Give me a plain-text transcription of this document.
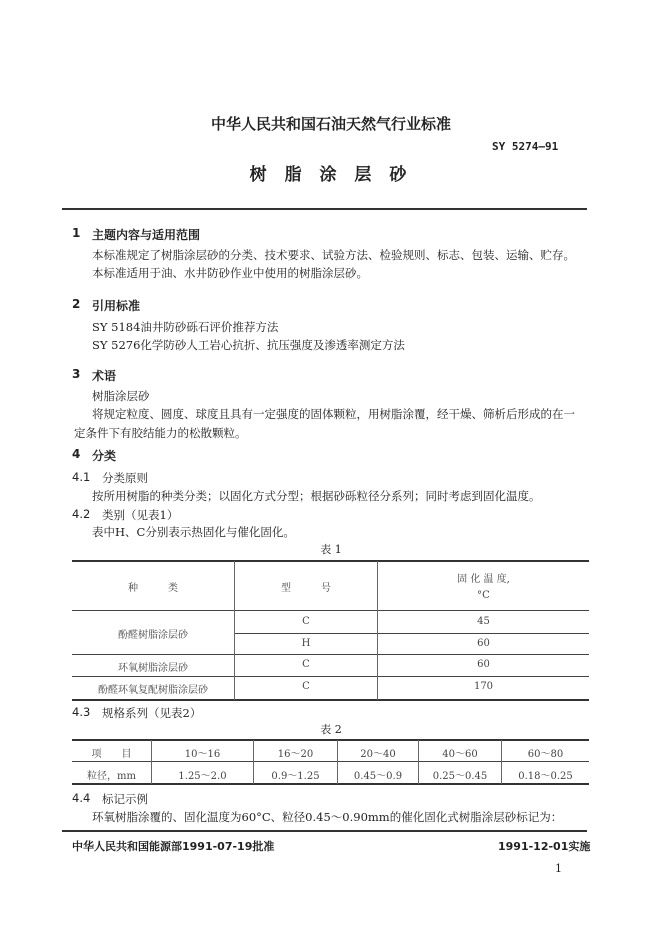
中华人民共和国石油天然气行业标准
SY 5274—91
树 脂 涂 层 砂
1 主题内容与适用范围
本标准规定了树脂涂层砂的分类、技术要求、试验方法、检验规则、标志、包装、运输、贮存。
本标准适用于油、水井防砂作业中使用的树脂涂层砂。
2 引用标准
SY 5184油井防砂砾石评价推荐方法
SY 5276化学防砂人工岩心抗折、抗压强度及渗透率测定方法
3 术语
树脂涂层砂
将规定粒度、圆度、球度且具有一定强度的固体颗粒，用树脂涂覆，经干燥、筛析后形成的在一
定条件下有胶结能力的松散颗粒。
4 分类
4.1 分类原则
按所用树脂的种类分类；以固化方式分型；根据砂砾粒径分系列；同时考虑到固化温度。
4.2 类别（见表1）
表中H、C分别表示热固化与催化固化。
表 1
种　　　类	型　　　号
固 化 温 度,
°C
酚醛树脂涂层砂
C	45
H	60
环氧树脂涂层砂	C	60
酚醛环氧复配树脂涂层砂	C	170
4.3 规格系列（见表2）
表 2
项　　目	10～16	16～20	20～40	40～60	60～80
粒径，mm	1.25～2.0	0.9～1.25	0.45～0.9	0.25～0.45	0.18～0.25
4.4 标记示例
环氧树脂涂覆的、固化温度为60°C、粒径0.45～0.90mm的催化固化式树脂涂层砂标记为：
中华人民共和国能源部1991-07-19批准	1991-12-01实施
1
